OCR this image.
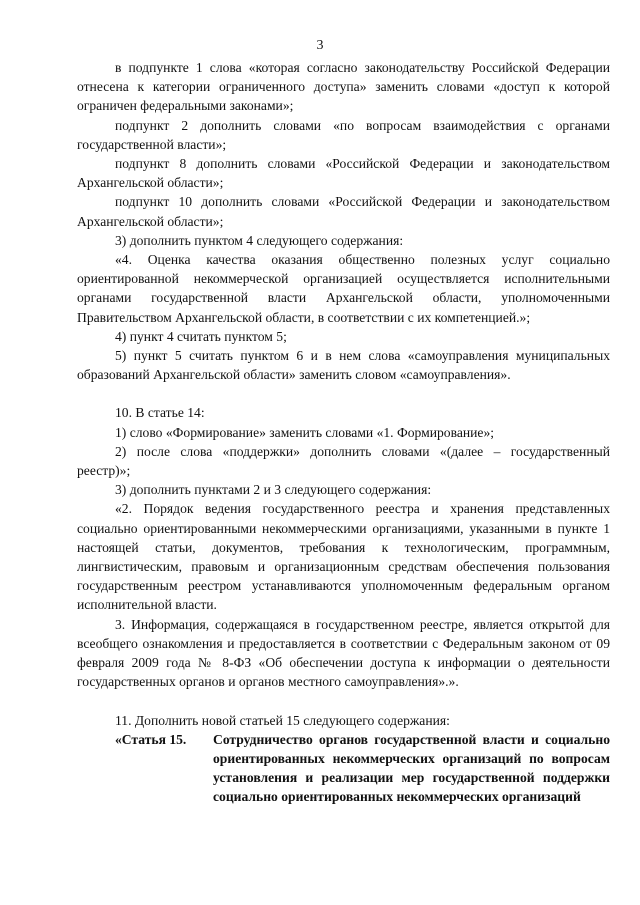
3

в подпункте 1 слова «которая согласно законодательству Российской Федерации отнесена к категории ограниченного доступа» заменить словами «доступ к которой ограничен федеральными законами»;

подпункт 2 дополнить словами «по вопросам взаимодействия с органами государственной власти»;

подпункт 8 дополнить словами «Российской Федерации и законодательством Архангельской области»;

подпункт 10 дополнить словами «Российской Федерации и законодательством Архангельской области»;

3) дополнить пунктом 4 следующего содержания:

«4. Оценка качества оказания общественно полезных услуг социально ориентированной некоммерческой организацией осуществляется исполнительными органами государственной власти Архангельской области, уполномоченными Правительством Архангельской области, в соответствии с их компетенцией.»;

4) пункт 4 считать пунктом 5;

5) пункт 5 считать пунктом 6 и в нем слова «самоуправления муниципальных образований Архангельской области» заменить словом «самоуправления».

10. В статье 14:

1) слово «Формирование» заменить словами «1. Формирование»;

2) после слова «поддержки» дополнить словами «(далее – государственный реестр)»;

3) дополнить пунктами 2 и 3 следующего содержания:

«2. Порядок ведения государственного реестра и хранения представленных социально ориентированными некоммерческими организациями, указанными в пункте 1 настоящей статьи, документов, требования к технологическим, программным, лингвистическим, правовым и организационным средствам обеспечения пользования государственным реестром устанавливаются уполномоченным федеральным органом исполнительной власти.

3. Информация, содержащаяся в государственном реестре, является открытой для всеобщего ознакомления и предоставляется в соответствии с Федеральным законом от 09 февраля 2009 года № 8-ФЗ «Об обеспечении доступа к информации о деятельности государственных органов и органов местного самоуправления».».

11. Дополнить новой статьей 15 следующего содержания:

«Статья 15.	Сотрудничество органов государственной власти и социально ориентированных некоммерческих организаций по вопросам установления и реализации мер государственной поддержки социально ориентированных некоммерческих организаций
